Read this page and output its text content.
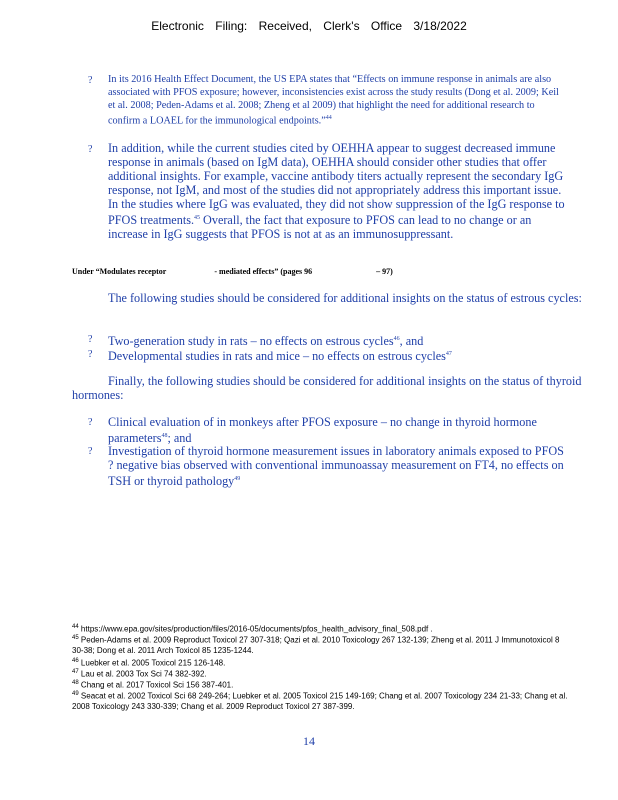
Electronic Filing: Received, Clerk's Office 3/18/2022
? In its 2016 Health Effect Document, the US EPA states that “Effects on immune response in animals are also associated with PFOS exposure; however, inconsistencies exist across the study results (Dong et al. 2009; Keil et al. 2008; Peden-Adams et al. 2008; Zheng et al 2009) that highlight the need for additional research to confirm a LOAEL for the immunological endpoints.”$^{44}$
? In addition, while the current studies cited by OEHHA appear to suggest decreased immune response in animals (based on IgM data), OEHHA should consider other studies that offer additional insights. For example, vaccine antibody titers actually represent the secondary IgG response, not IgM, and most of the studies did not appropriately address this important issue. In the studies where IgG was evaluated, they did not show suppression of the IgG response to PFOS treatments.$^{45}$ Overall, the fact that exposure to PFOS can lead to no change or an increase in IgG suggests that PFOS is not at as an immunosuppressant.
Under “Modulates receptor	- mediated effects” (pages 96	– 97)
The following studies should be considered for additional insights on the status of estrous cycles:
? Two-generation study in rats – no effects on estrous cycles$^{46}$, and
? Developmental studies in rats and mice – no effects on estrous cycles$^{47}$
Finally, the following studies should be considered for additional insights on the status of thyroid hormones:
? Clinical evaluation of in monkeys after PFOS exposure – no change in thyroid hormone parameters$^{48}$; and
? Investigation of thyroid hormone measurement issues in laboratory animals exposed to PFOS ? negative bias observed with conventional immunoassay measurement on FT4, no effects on TSH or thyroid pathology$^{49}$
$^{44}$ https://www.epa.gov/sites/production/files/2016-05/documents/pfos_health_advisory_final_508.pdf .
$^{45}$ Peden-Adams et al. 2009 Reproduct Toxicol 27 307-318; Qazi et al. 2010 Toxicology 267 132-139; Zheng et al. 2011 J Immunotoxicol 8 30-38; Dong et al. 2011 Arch Toxicol 85 1235-1244.
$^{46}$ Luebker et al. 2005 Toxicol 215 126-148.
$^{47}$ Lau et al. 2003 Tox Sci 74 382-392.
$^{48}$ Chang et al. 2017 Toxicol Sci 156 387-401.
$^{49}$ Seacat et al. 2002 Toxicol Sci 68 249-264; Luebker et al. 2005 Toxicol 215 149-169; Chang et al. 2007 Toxicology 234 21-33; Chang et al. 2008 Toxicology 243 330-339; Chang et al. 2009 Reproduct Toxicol 27 387-399.
14
